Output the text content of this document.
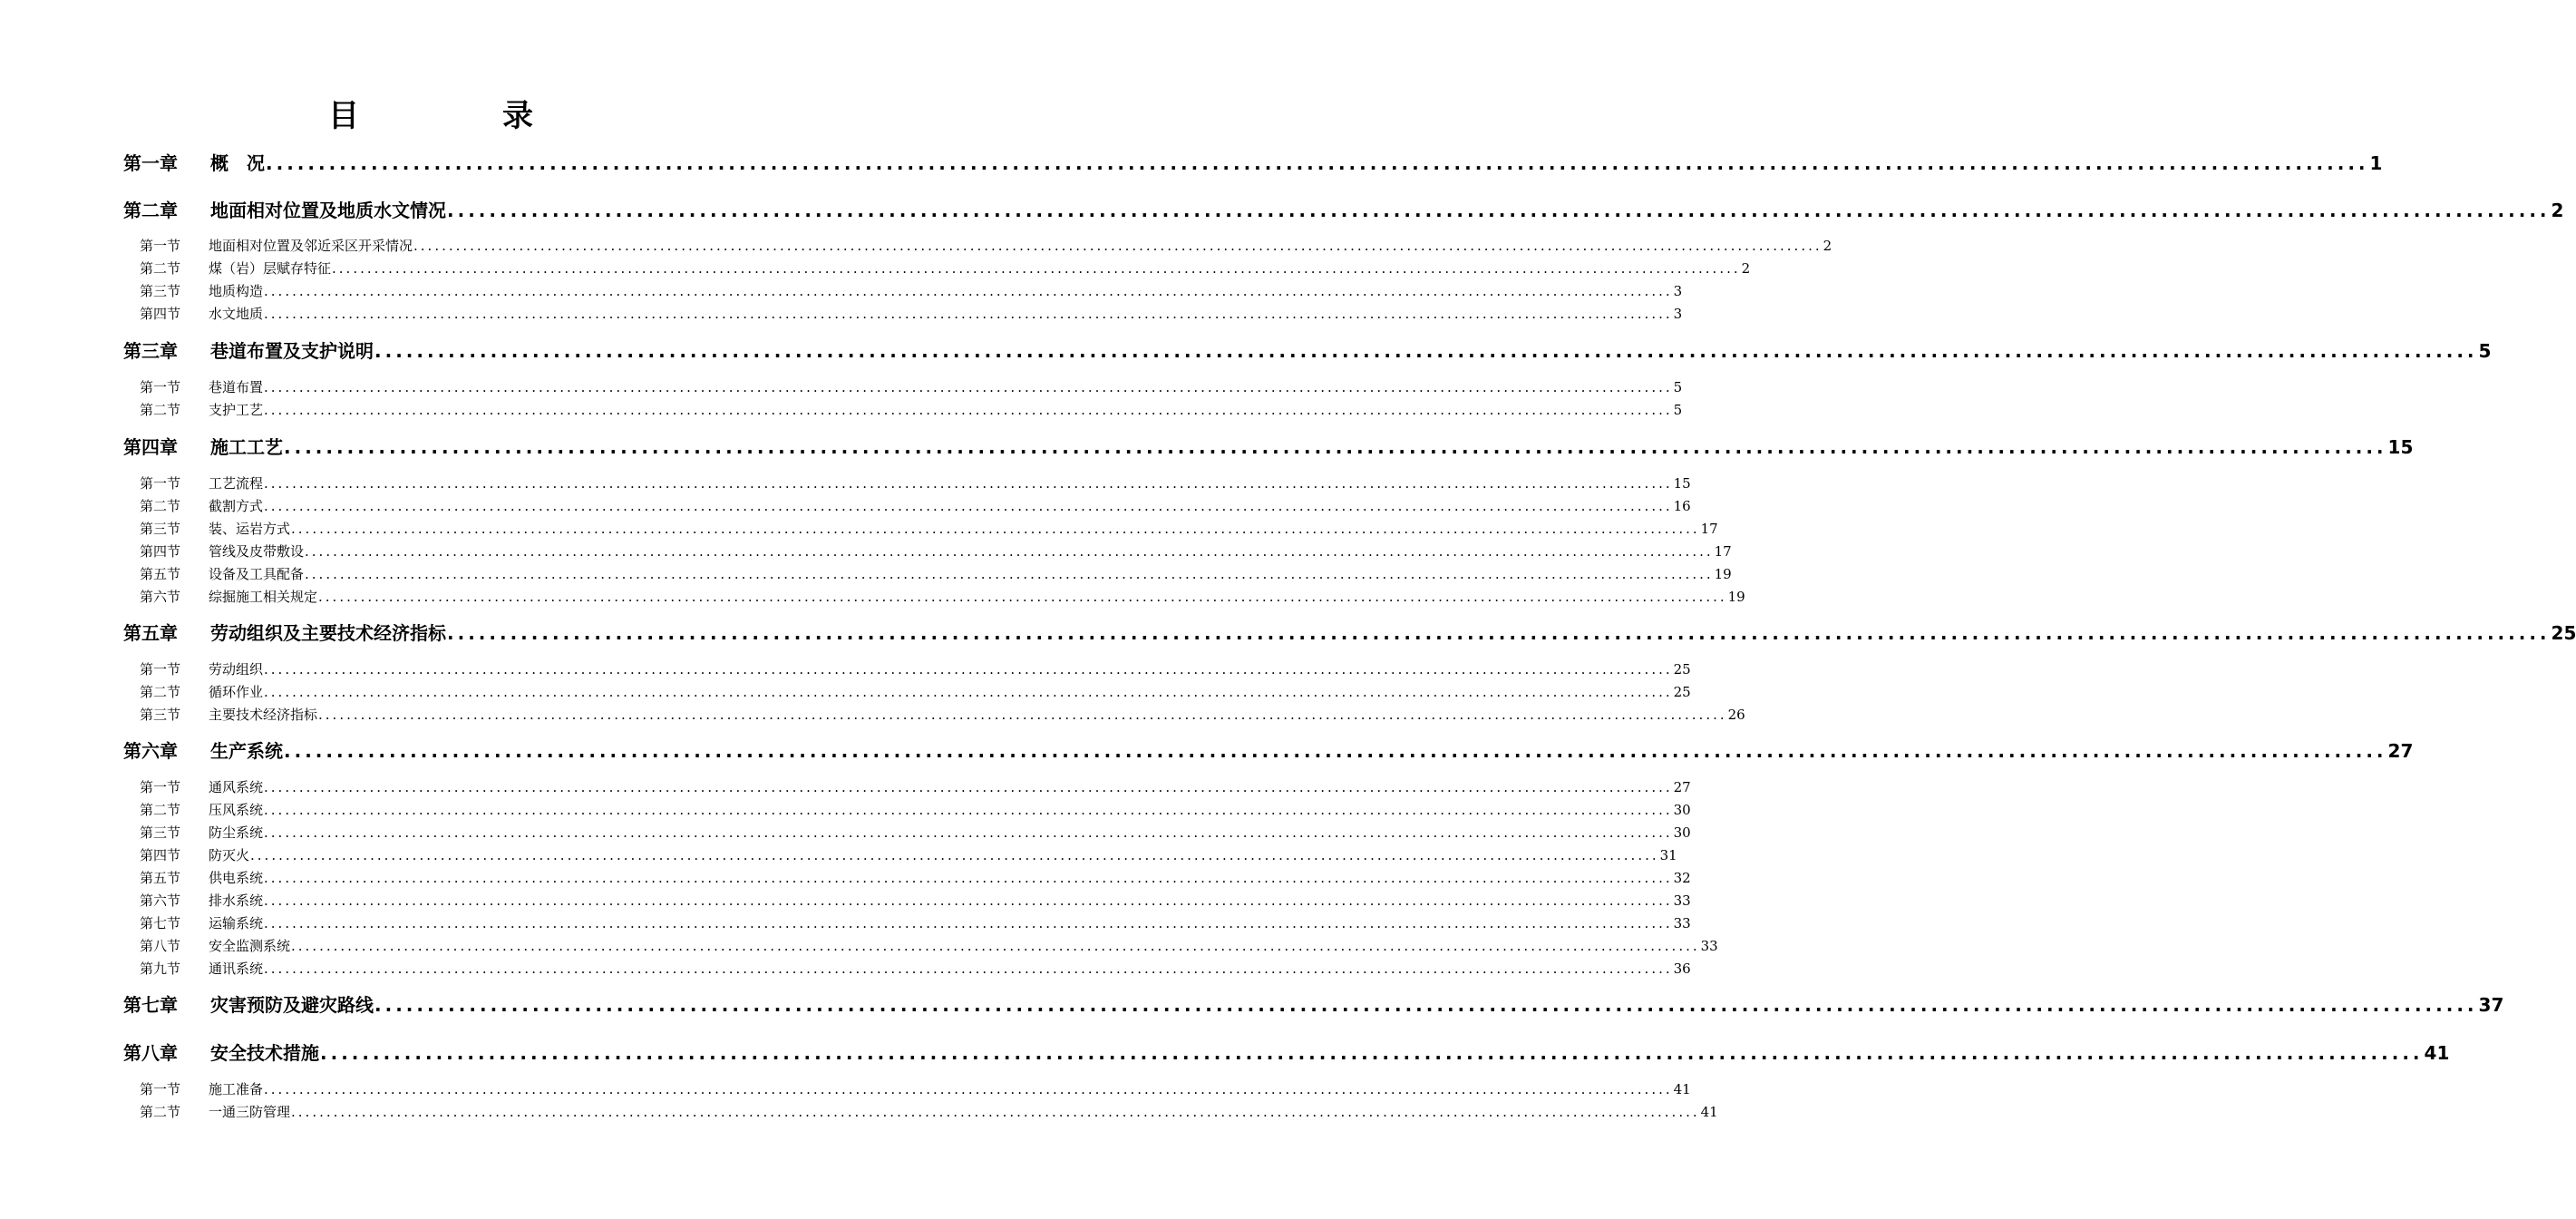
目　录
第一章	概　况 ........................................................................................................................................................................................................ 1
第二章	地面相对位置及地质水文情况 ........................................................................................................................................................................................................ 2
第一节	地面相对位置及邻近采区开采情况 ........................................................................................................................................................................................................ 2
第二节	煤（岩）层赋存特征 ........................................................................................................................................................................................................ 2
第三节	地质构造 ........................................................................................................................................................................................................ 3
第四节	水文地质 ........................................................................................................................................................................................................ 3
第三章	巷道布置及支护说明 ........................................................................................................................................................................................................ 5
第一节	巷道布置 ........................................................................................................................................................................................................ 5
第二节	支护工艺 ........................................................................................................................................................................................................ 5
第四章	施工工艺 ........................................................................................................................................................................................................ 15
第一节	工艺流程 ........................................................................................................................................................................................................ 15
第二节	截割方式 ........................................................................................................................................................................................................ 16
第三节	装、运岩方式 ........................................................................................................................................................................................................ 17
第四节	管线及皮带敷设 ........................................................................................................................................................................................................ 17
第五节	设备及工具配备 ........................................................................................................................................................................................................ 19
第六节	综掘施工相关规定 ........................................................................................................................................................................................................ 19
第五章	劳动组织及主要技术经济指标 ........................................................................................................................................................................................................ 25
第一节	劳动组织 ........................................................................................................................................................................................................ 25
第二节	循环作业 ........................................................................................................................................................................................................ 25
第三节	主要技术经济指标 ........................................................................................................................................................................................................ 26
第六章	生产系统 ........................................................................................................................................................................................................ 27
第一节	通风系统 ........................................................................................................................................................................................................ 27
第二节	压风系统 ........................................................................................................................................................................................................ 30
第三节	防尘系统 ........................................................................................................................................................................................................ 30
第四节	防灭火 ........................................................................................................................................................................................................ 31
第五节	供电系统 ........................................................................................................................................................................................................ 32
第六节	排水系统 ........................................................................................................................................................................................................ 33
第七节	运输系统 ........................................................................................................................................................................................................ 33
第八节	安全监测系统 ........................................................................................................................................................................................................ 33
第九节	通讯系统 ........................................................................................................................................................................................................ 36
第七章	灾害预防及避灾路线 ........................................................................................................................................................................................................ 37
第八章	安全技术措施 ........................................................................................................................................................................................................ 41
第一节	施工准备 ........................................................................................................................................................................................................ 41
第二节	一通三防管理 ........................................................................................................................................................................................................ 41
